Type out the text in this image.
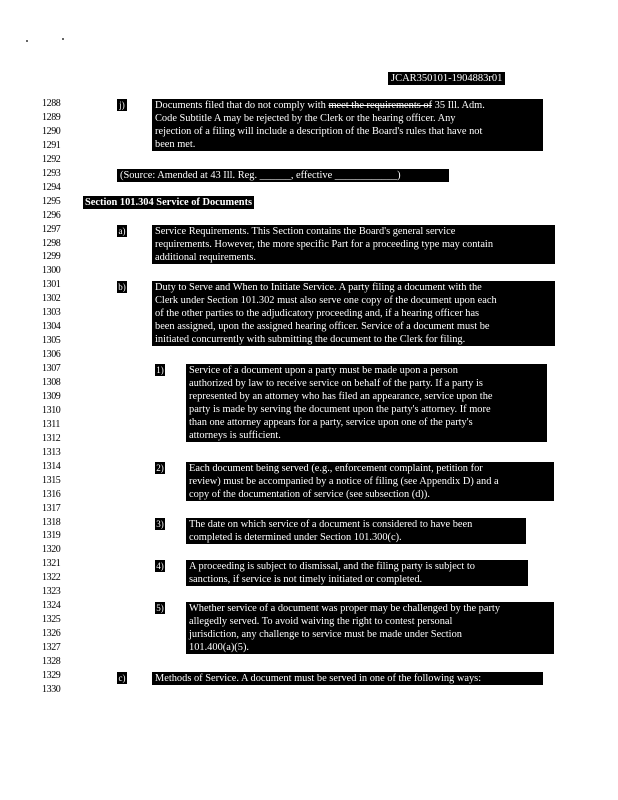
JCAR350101-1904883r01
1288
1289
1290
1291
1292
1293
1294
1295
1296
1297
1298
1299
1300
1301
1302
1303
1304
1305
1306
1307
1308
1309
1310
1311
1312
1313
1314
1315
1316
1317
1318
1319
1320
1321
1322
1323
1324
1325
1326
1327
1328
1329
1330
j)	Documents filed that do not comply with meet the requirements of 35 Ill. Adm.
Code Subtitle A may be rejected by the Clerk or the hearing officer. Any
rejection of a filing will include a description of the Board's rules that have not
been met.
(Source: Amended at 43 Ill. Reg. ______, effective ____________)
Section 101.304 Service of Documents
a)	Service Requirements. This Section contains the Board's general service
requirements. However, the more specific Part for a proceeding type may contain
additional requirements.
b)	Duty to Serve and When to Initiate Service. A party filing a document with the
Clerk under Section 101.302 must also serve one copy of the document upon each
of the other parties to the adjudicatory proceeding and, if a hearing officer has
been assigned, upon the assigned hearing officer. Service of a document must be
initiated concurrently with submitting the document to the Clerk for filing.
1) Service of a document upon a party must be made upon a person
authorized by law to receive service on behalf of the party. If a party is
represented by an attorney who has filed an appearance, service upon the
party is made by serving the document upon the party's attorney. If more
than one attorney appears for a party, service upon one of the party's
attorneys is sufficient.
2) Each document being served (e.g., enforcement complaint, petition for
review) must be accompanied by a notice of filing (see Appendix D) and a
copy of the documentation of service (see subsection (d)).
3) The date on which service of a document is considered to have been
completed is determined under Section 101.300(c).
4) A proceeding is subject to dismissal, and the filing party is subject to
sanctions, if service is not timely initiated or completed.
5) Whether service of a document was proper may be challenged by the party
allegedly served. To avoid waiving the right to contest personal
jurisdiction, any challenge to service must be made under Section
101.400(a)(5).
c)	Methods of Service. A document must be served in one of the following ways:
